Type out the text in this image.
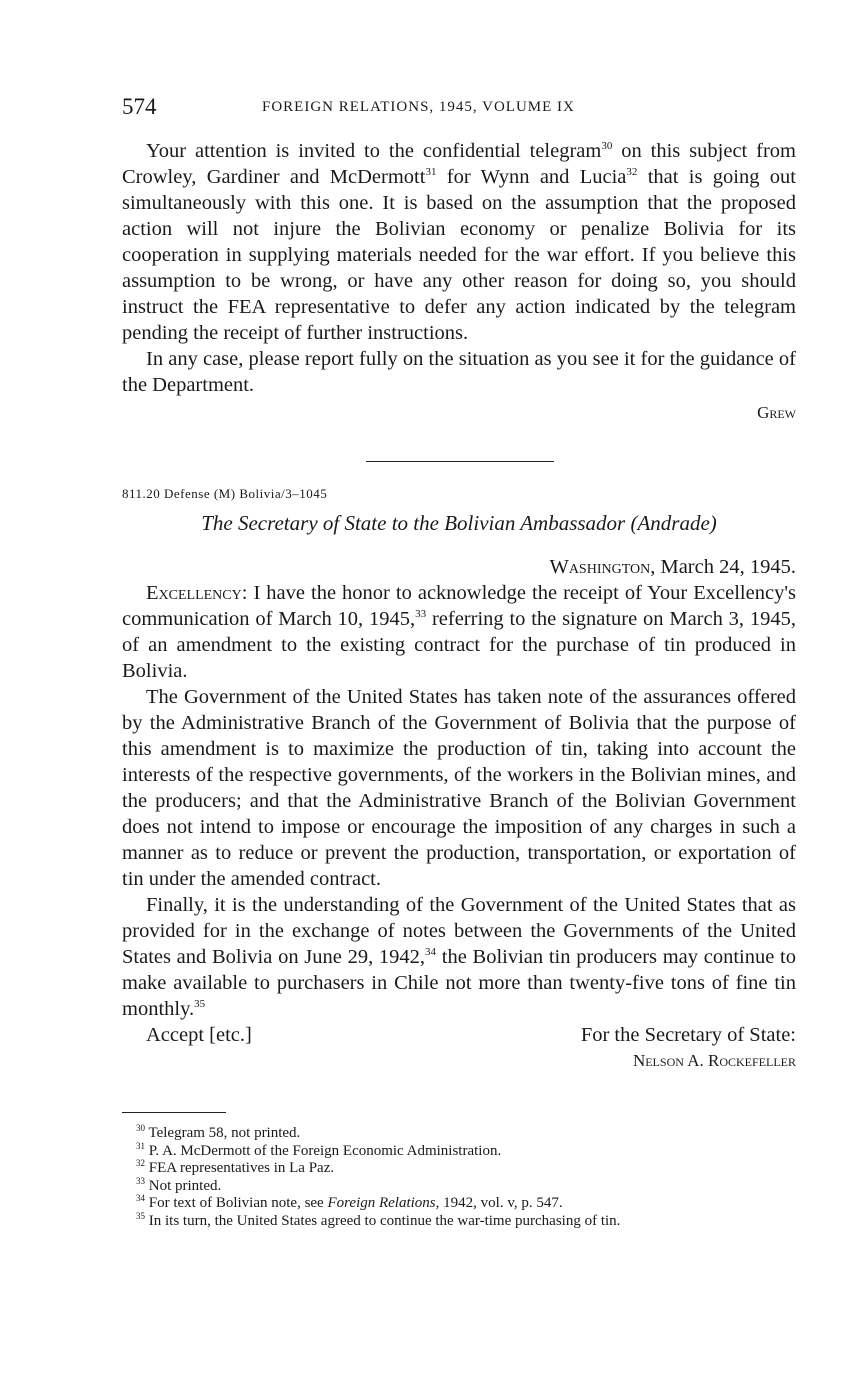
574	FOREIGN RELATIONS, 1945, VOLUME IX

Your attention is invited to the confidential telegram$^{30}$ on this subject from Crowley, Gardiner and McDermott$^{31}$ for Wynn and Lucia$^{32}$ that is going out simultaneously with this one. It is based on the assumption that the proposed action will not injure the Bolivian economy or penalize Bolivia for its cooperation in supplying materials needed for the war effort. If you believe this assumption to be wrong, or have any other reason for doing so, you should instruct the FEA representative to defer any action indicated by the telegram pending the receipt of further instructions.

In any case, please report fully on the situation as you see it for the guidance of the Department.

Grew

811.20 Defense (M) Bolivia/3–1045
The Secretary of State to the Bolivian Ambassador (Andrade)

Washington, March 24, 1945.

Excellency: I have the honor to acknowledge the receipt of Your Excellency's communication of March 10, 1945,33 referring to the signature on March 3, 1945, of an amendment to the existing contract for the purchase of tin produced in Bolivia.

The Government of the United States has taken note of the assurances offered by the Administrative Branch of the Government of Bolivia that the purpose of this amendment is to maximize the production of tin, taking into account the interests of the respective governments, of the workers in the Bolivian mines, and the producers; and that the Administrative Branch of the Bolivian Government does not intend to impose or encourage the imposition of any charges in such a manner as to reduce or prevent the production, transportation, or exportation of tin under the amended contract.

Finally, it is the understanding of the Government of the United States that as provided for in the exchange of notes between the Governments of the United States and Bolivia on June 29, 1942,34 the Bolivian tin producers may continue to make available to purchasers in Chile not more than twenty-five tons of fine tin monthly.$^{35}$

Accept [etc.]	For the Secretary of State:

Nelson A. Rockefeller

$^{30}$ Telegram 58, not printed.

$^{31}$ P. A. McDermott of the Foreign Economic Administration.

$^{32}$ FEA representatives in La Paz.

$^{33}$ Not printed.

$^{34}$ For text of Bolivian note, see Foreign Relations, 1942, vol. v, p. 547.

$^{35}$ In its turn, the United States agreed to continue the war-time purchasing of tin.
